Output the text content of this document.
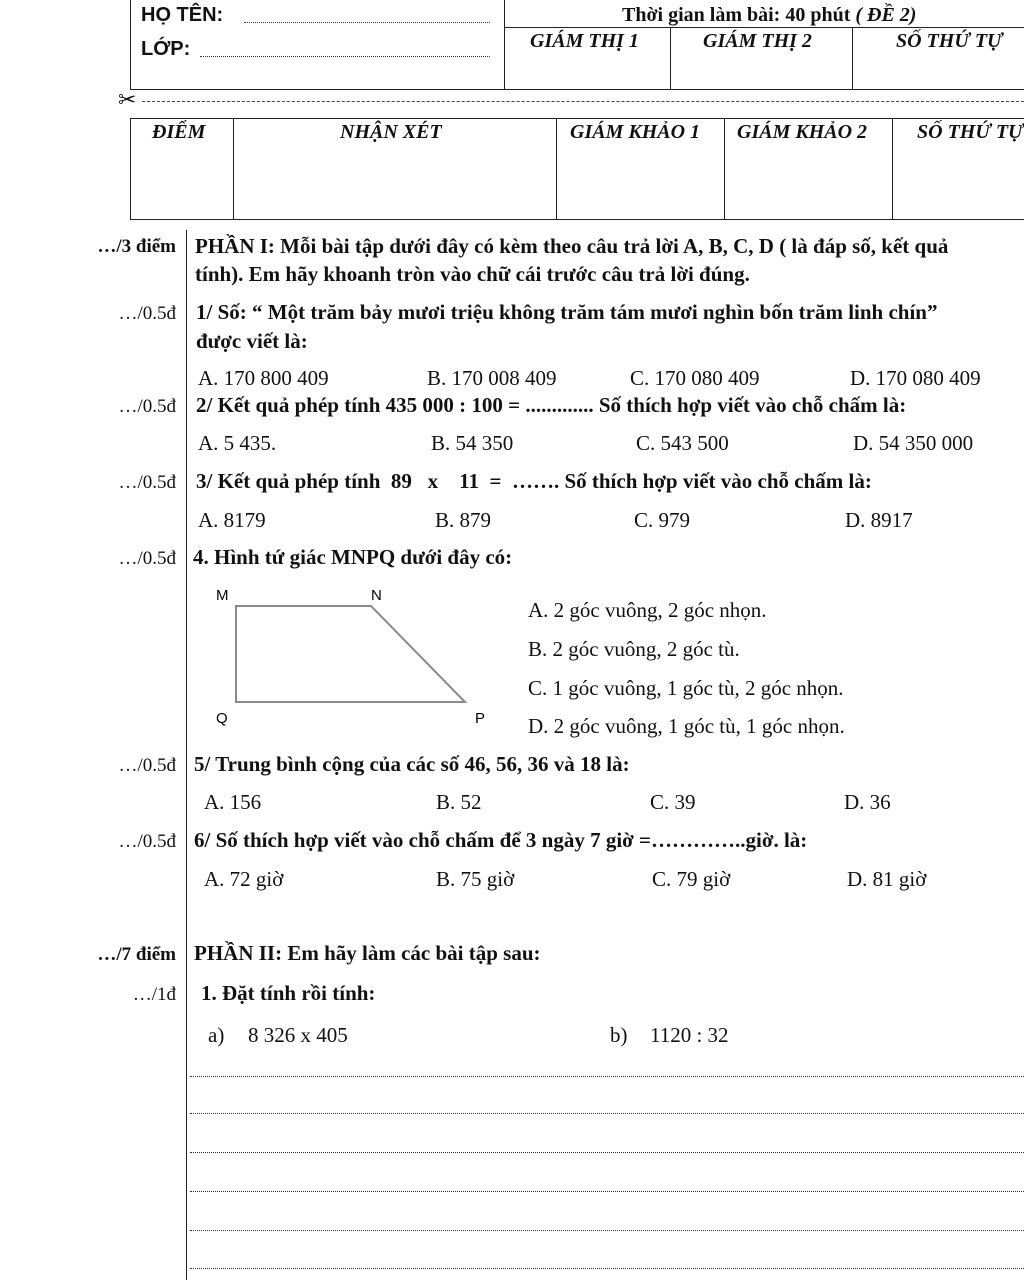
HỌ TÊN:
LỚP:
Thời gian làm bài: 40 phút ( ĐỀ 2)
GIÁM THỊ 1	GIÁM THỊ 2	SỐ THỨ TỰ
✂
ĐIỂM	NHẬN XÉT	GIÁM KHẢO 1 GIÁM KHẢO 2 SỐ THỨ TỰ
…/3 điểm PHẦN I: Mỗi bài tập dưới đây có kèm theo câu trả lời A, B, C, D ( là đáp số, kết quả
tính). Em hãy khoanh tròn vào chữ cái trước câu trả lời đúng.
…/0.5đ 1/ Số: “ Một trăm bảy mươi triệu không trăm tám mươi nghìn bốn trăm linh chín”
được viết là:
A. 170 800 409	B. 170 008 409	C. 170 080 409	D. 170 080 409
…/0.5đ 2/ Kết quả phép tính 435 000 : 100 = ............. Số thích hợp viết vào chỗ chấm là:
A. 5 435.	B. 54 350	C. 543 500	D. 54 350 000
…/0.5đ 3/ Kết quả phép tính  89   x    11  =  ……. Số thích hợp viết vào chỗ chấm là:
A. 8179	B. 879	C. 979	D. 8917
…/0.5đ 4. Hình tứ giác MNPQ dưới đây có:
M	N
Q	P
A. 2 góc vuông, 2 góc nhọn.
B. 2 góc vuông, 2 góc tù.
C. 1 góc vuông, 1 góc tù, 2 góc nhọn.
D. 2 góc vuông, 1 góc tù, 1 góc nhọn.
…/0.5đ 5/ Trung bình cộng của các số 46, 56, 36 và 18 là:
A. 156	B. 52	C. 39	D. 36
…/0.5đ 6/ Số thích hợp viết vào chỗ chấm để 3 ngày 7 giờ =…………..giờ. là:
A. 72 giờ	B. 75 giờ	C. 79 giờ	D. 81 giờ
…/7 điểm PHẦN II: Em hãy làm các bài tập sau:
…/1đ 1. Đặt tính rồi tính:
a) 8 326 x 405	b) 1120 : 32
